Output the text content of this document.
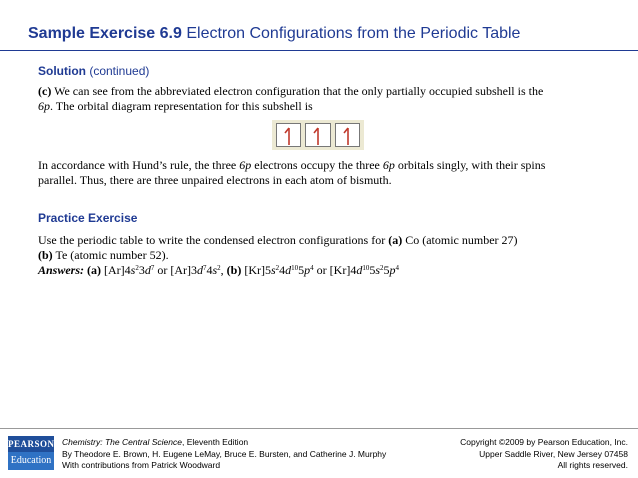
Sample Exercise 6.9 Electron Configurations from the Periodic Table
Solution (continued)
(c) We can see from the abbreviated electron configuration that the only partially occupied subshell is the
6p. The orbital diagram representation for this subshell is
In accordance with Hund’s rule, the three 6p electrons occupy the three 6p orbitals singly, with their spins
parallel. Thus, there are three unpaired electrons in each atom of bismuth.
Practice Exercise
Use the periodic table to write the condensed electron configurations for (a) Co (atomic number 27)
(b) Te (atomic number 52).
Answers: (a) $[Ar]4s^23d^7$ or $[Ar]3d^74s^2$, (b) $[Kr]5s^24d^{10}5p^4$ or $[Kr]4d^{10}5s^25p^4$
PEARSON
Education
Chemistry: The Central Science, Eleventh Edition
By Theodore E. Brown, H. Eugene LeMay, Bruce E. Bursten, and Catherine J. Murphy
With contributions from Patrick Woodward
Copyright ©2009 by Pearson Education, Inc.
Upper Saddle River, New Jersey 07458
All rights reserved.
